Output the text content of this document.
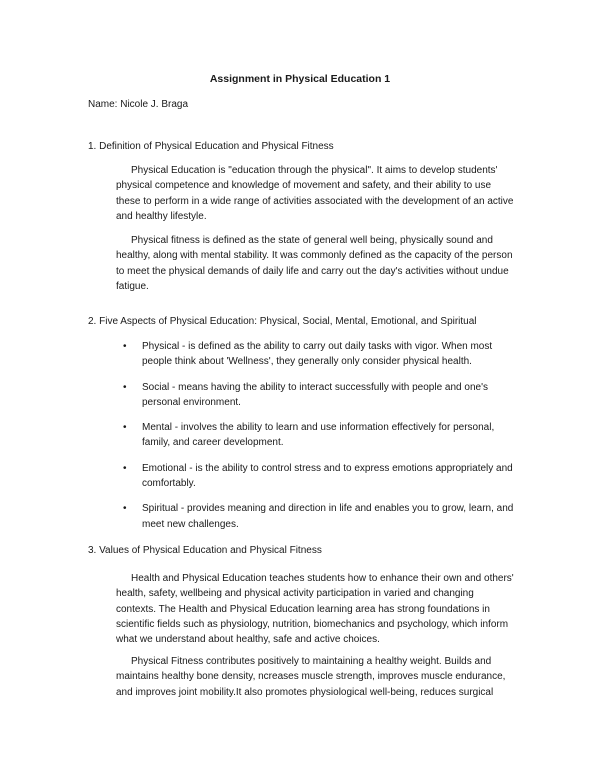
Assignment in Physical Education 1
Name: Nicole J. Braga
1. Definition of Physical Education and Physical Fitness

Physical Education is "education through the physical". It aims to develop students' physical competence and knowledge of movement and safety, and their ability to use these to perform in a wide range of activities associated with the development of an active and healthy lifestyle.

Physical fitness is defined as the state of general well being, physically sound and healthy, along with mental stability. It was commonly defined as the capacity of the person to meet the physical demands of daily life and carry out the day's activities without undue fatigue.

2. Five Aspects of Physical Education: Physical, Social, Mental, Emotional, and Spiritual
• Physical - is defined as the ability to carry out daily tasks with vigor. When most people think about 'Wellness', they generally only consider physical health.
• Social - means having the ability to interact successfully with people and one's personal environment.
• Mental - involves the ability to learn and use information effectively for personal, family, and career development.
• Emotional - is the ability to control stress and to express emotions appropriately and comfortably.
• Spiritual - provides meaning and direction in life and enables you to grow, learn, and meet new challenges.
3. Values of Physical Education and Physical Fitness

Health and Physical Education teaches students how to enhance their own and others' health, safety, wellbeing and physical activity participation in varied and changing contexts. The Health and Physical Education learning area has strong foundations in scientific fields such as physiology, nutrition, biomechanics and psychology, which inform what we understand about healthy, safe and active choices.

Physical Fitness contributes positively to maintaining a healthy weight. Builds and maintains healthy bone density, ncreases muscle strength, improves muscle endurance, and improves joint mobility.It also promotes physiological well-being, reduces surgical
